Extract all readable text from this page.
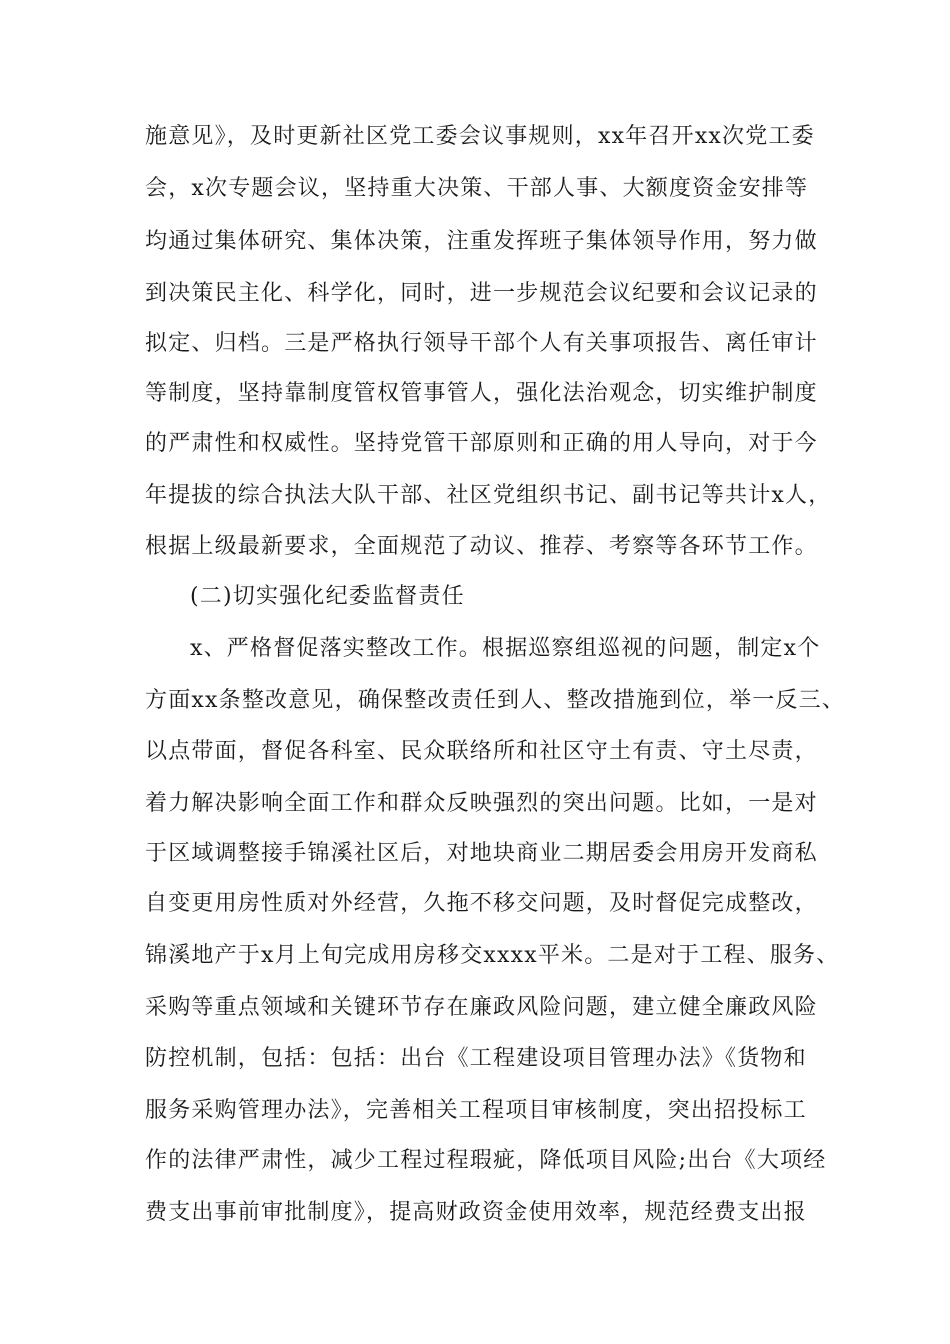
施意见》，及时更新社区党工委会议事规则，xx年召开xx次党工委
会，x次专题会议，坚持重大决策、干部人事、大额度资金安排等
均通过集体研究、集体决策，注重发挥班子集体领导作用，努力做
到决策民主化、科学化，同时，进一步规范会议纪要和会议记录的
拟定、归档。三是严格执行领导干部个人有关事项报告、离任审计
等制度，坚持靠制度管权管事管人，强化法治观念，切实维护制度
的严肃性和权威性。坚持党管干部原则和正确的用人导向，对于今
年提拔的综合执法大队干部、社区党组织书记、副书记等共计x人，
根据上级最新要求，全面规范了动议、推荐、考察等各环节工作。
(二)切实强化纪委监督责任
x、严格督促落实整改工作。根据巡察组巡视的问题，制定x个
方面xx条整改意见，确保整改责任到人、整改措施到位，举一反三、
以点带面，督促各科室、民众联络所和社区守土有责、守土尽责，
着力解决影响全面工作和群众反映强烈的突出问题。比如，一是对
于区域调整接手锦溪社区后，对地块商业二期居委会用房开发商私
自变更用房性质对外经营，久拖不移交问题，及时督促完成整改，
锦溪地产于x月上旬完成用房移交xxxx平米。二是对于工程、服务、
采购等重点领域和关键环节存在廉政风险问题，建立健全廉政风险
防控机制，包括：包括：出台《工程建设项目管理办法》《货物和
服务采购管理办法》，完善相关工程项目审核制度，突出招投标工
作的法律严肃性，减少工程过程瑕疵，降低项目风险;出台《大项经
费支出事前审批制度》，提高财政资金使用效率，规范经费支出报
